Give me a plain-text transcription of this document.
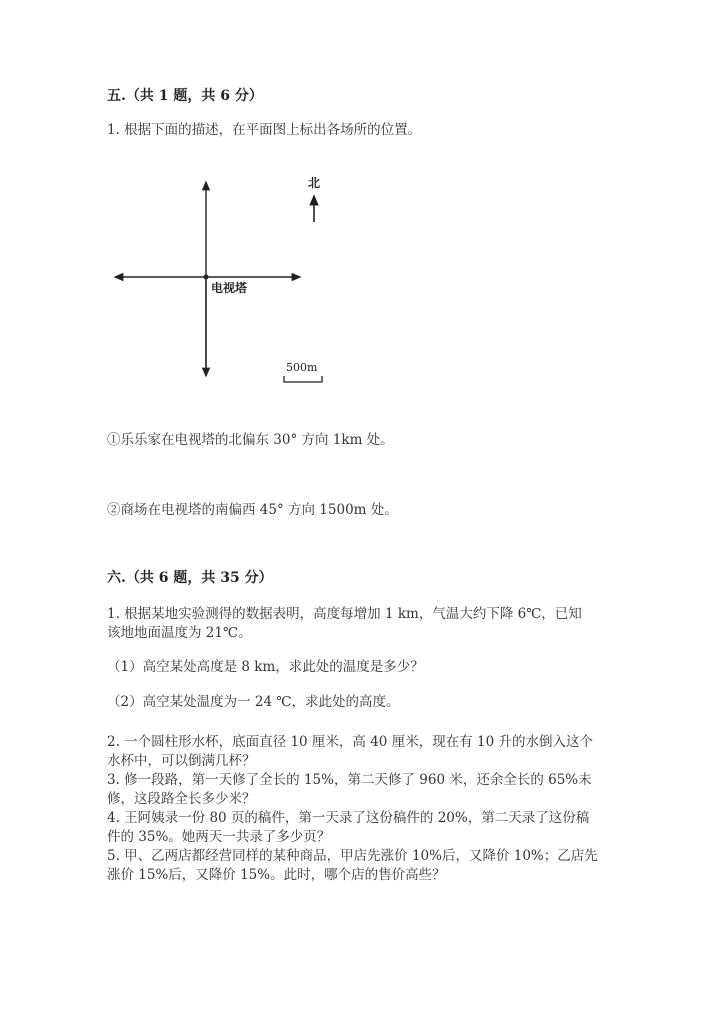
五.（共 1 题，共 6 分）
1. 根据下面的描述，在平面图上标出各场所的位置。
电视塔
北
500m
①乐乐家在电视塔的北偏东 30° 方向 1km 处。
②商场在电视塔的南偏西 45° 方向 1500m 处。
六.（共 6 题，共 35 分）
1. 根据某地实验测得的数据表明，高度每增加 1 km，气温大约下降 6℃，已知
该地地面温度为 21℃。
（1）高空某处高度是 8 km，求此处的温度是多少？
（2）高空某处温度为一 24 ℃，求此处的高度。
2. 一个圆柱形水杯，底面直径 10 厘米，高 40 厘米，现在有 10 升的水倒入这个
水杯中，可以倒满几杯？
3. 修一段路，第一天修了全长的 15%，第二天修了 960 米，还余全长的 65%未
修，这段路全长多少米？
4. 王阿姨录一份 80 页的稿件，第一天录了这份稿件的 20%，第二天录了这份稿
件的 35%。她两天一共录了多少页？
5. 甲、乙两店都经营同样的某种商品，甲店先涨价 10%后，又降价 10%；乙店先
涨价 15%后，又降价 15%。此时，哪个店的售价高些？
